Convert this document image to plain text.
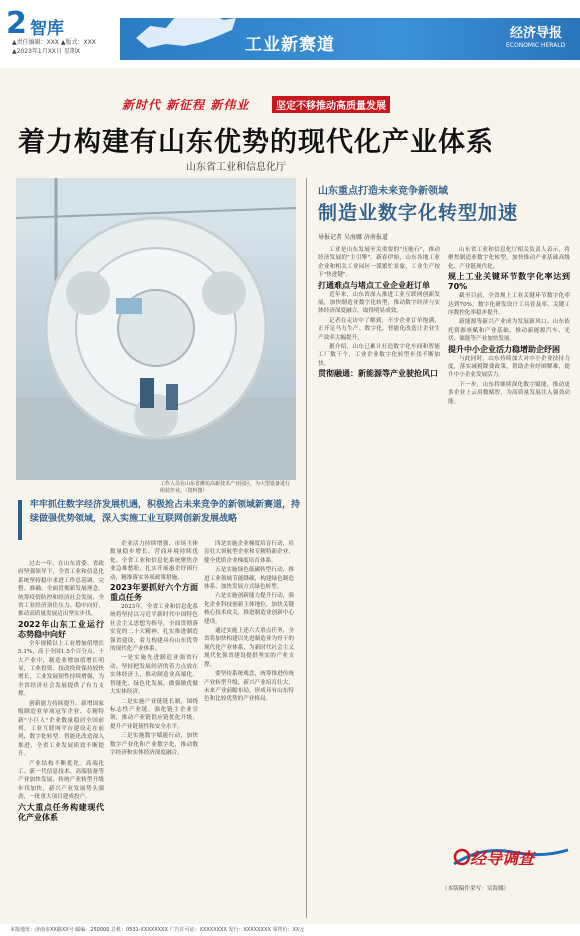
2 智库
▲责任编辑：XXX ▲版式：XXX
▲2023年1月XX日 星期X	工业新赛道
经济导报
ECONOMIC HERALD
新时代 新征程 新伟业	坚定不移推动高质量发展
着力构建有山东优势的现代化产业体系
山东省工业和信息化厅
工作人员在山东省潍坊高新技术产业园区，为大型设备进行组装作业。（资料图）
牢牢抓住数字经济发展机遇，积极抢占未来竞争的新领域新赛道，持续做强优势领域，深入实施工业互联网创新发展战略

过去一年，在山东省委、省政府坚强领导下，全省工业和信息化系统坚持稳中求进工作总基调，完整、准确、全面贯彻新发展理念，统筹疫情防控和经济社会发展，全省工业经济顶住压力、稳中向好，推动高质量发展迈出坚实步伐。

2022年山东工业运行态势稳中向好

全年规模以上工业增加值增长5.1%，高于全国1.5个百分点。十大产业中，制造业增加值增长明显，工业投资、技改投资保持较快增长，工业发展韧性持续增强，为全省经济社会发展提供了有力支撑。

创新能力持续提升。新增国家级制造业单项冠军企业、专精特新"小巨人"企业数量稳居全国前列，工业互联网平台建设走在前列，数字化转型、智能化改造深入推进，全省工业发展质效不断提升。

产业结构不断优化。高端化工、新一代信息技术、高端装备等产业加快发展，传统产业转型升级步伐加快，新兴产业发展势头强劲，一批重大项目建成投产。

六大重点任务构建现代化产业体系

企业活力持续增强，市场主体数量稳步增长，营商环境持续优化。全省工业和信息化系统聚焦企业急难愁盼，扎实开展惠企纾困行动，精准落实各项政策措施。

2023年要抓好六个方面重点任务

2023年，全省工业和信息化系统将坚持以习近平新时代中国特色社会主义思想为指导，全面贯彻落实党的二十大精神，扎实推进制造强省建设，着力构建具有山东优势的现代化产业体系。

一是实施先进制造业强省行动。坚持把发展经济的着力点放在实体经济上，推动制造业高端化、智能化、绿色化发展，做强做优做大实体经济。

二是实施产业链链长制，围绕标志性产业链，强化链主企业引领，推动产业链供应链优化升级，提升产业链韧性和安全水平。

三是实施数字赋能行动，加快数字产业化和产业数字化，推动数字经济和实体经济深度融合。

四是实施企业梯度培育行动，培育壮大领航型企业和专精特新企业，健全优质企业梯度培育体系。

五是实施绿色低碳转型行动，推进工业领域节能降碳，构建绿色制造体系，加快发展方式绿色转型。

六是实施创新能力提升行动，强化企业科技创新主体地位，加快关键核心技术攻关，推进制造业创新中心建设。

通过实施上述六大重点任务，全省将加快构建以先进制造业为骨干的现代化产业体系，为新时代社会主义现代化强省建设提供坚实的产业支撑。

要坚持系统观念，统筹推进传统产业转型升级、新兴产业培育壮大、未来产业前瞻布局，形成具有山东特色和比较优势的产业格局。

山东重点打造未来竞争新领域
制造业数字化转型加速
导报记者 吴海娜 济南报道

工业是山东发展至关重要的"压舱石"，推动经济发展的"主引擎"。新春伊始，山东各地工业企业和相关工业园区一派繁忙景象，工业生产按下"快进键"。

打通难点与堵点工业企业赶订单

近年来，山东省深入推进工业互联网创新发展，加快制造业数字化转型，推动数字经济与实体经济深度融合，取得明显成效。

记者在走访中了解到，不少企业订单饱满，正开足马力生产。数字化、智能化改造让企业生产效率大幅提升。

据介绍，山东已累计打造数字化车间和智能工厂数千个，工业企业数字化转型步伐不断加快。

贯彻融通：新能源等产业驶抢风口

山东省工业和信息化厅相关负责人表示，将聚焦制造业数字化转型，加快推动产业基础高级化、产业链现代化。

规上工业关键环节数字化率达到70%

截至目前，全省规上工业关键环节数字化率达到70%，数字化研发设计工具普及率、关键工序数控化率稳步提升。

新能源等新兴产业成为发展新风口。山东依托资源禀赋和产业基础，推动新能源汽车、光伏、储能等产业加快发展。

提升中小企业活力稳增助企纾困

与此同时，山东持续加大对中小企业扶持力度，落实减税降费政策，帮助企业纾困解难，提升中小企业发展活力。

下一步，山东将继续深化数字赋能，推动更多企业上云用数赋智，为高质量发展注入强劲动能。

经导调查
（本版稿件采写：吴海娜）
本报地址：济南市XX路XX号 邮编：250000 总机：0531-XXXXXXXX 广告许可证：XXXXXXXX 发行：XXXXXXXX 零售价：XX元
